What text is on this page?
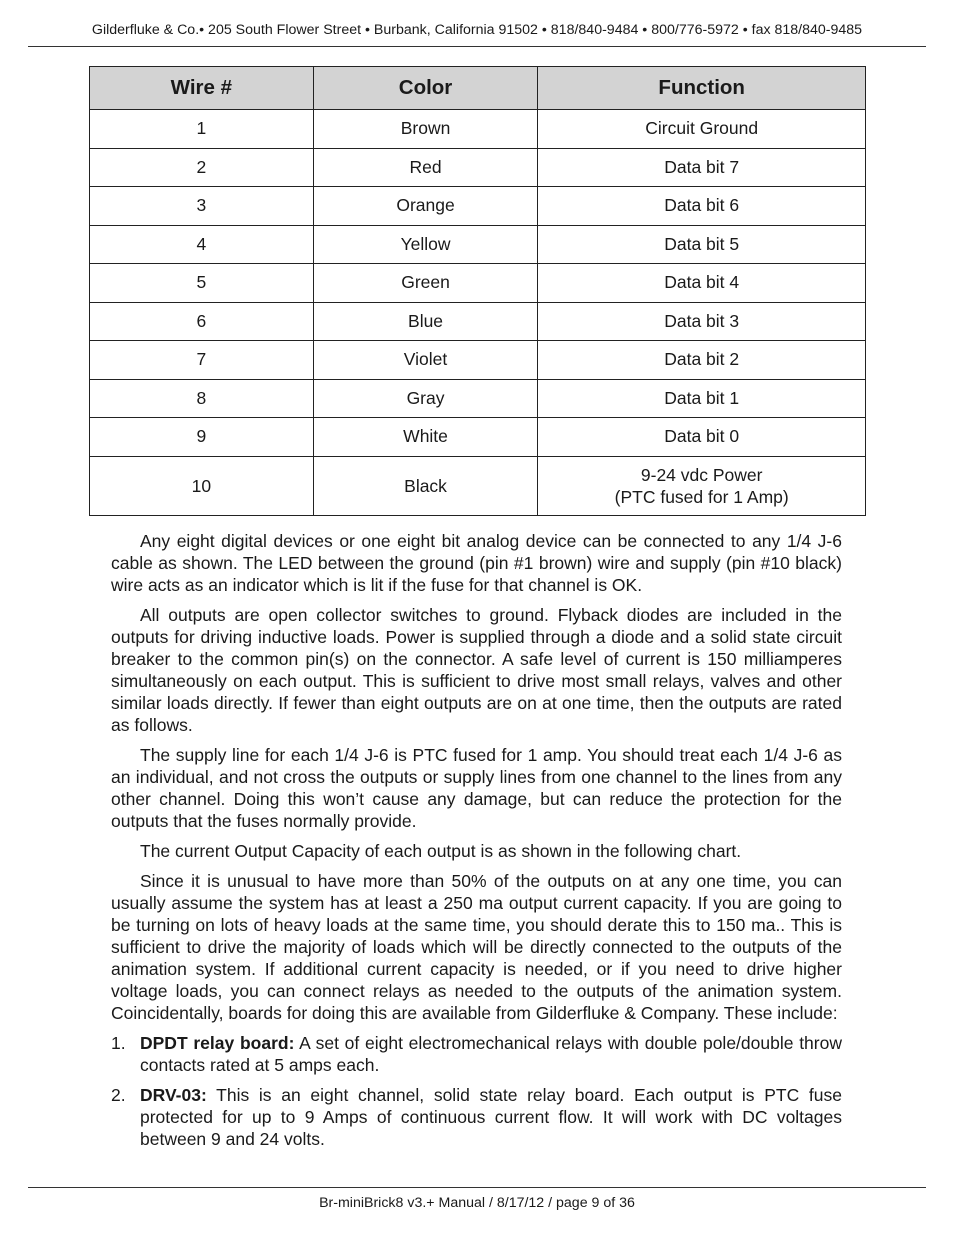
Gilderfluke & Co.• 205 South Flower Street • Burbank, California 91502 • 818/840-9484 • 800/776-5972 • fax 818/840-9485
Wire #	Color	Function
1	Brown	Circuit Ground
2	Red	Data bit 7
3	Orange	Data bit 6
4	Yellow	Data bit 5
5	Green	Data bit 4
6	Blue	Data bit 3
7	Violet	Data bit 2
8	Gray	Data bit 1
9	White	Data bit 0
10	Black	9-24 vdc Power
(PTC fused for 1 Amp)

Any eight digital devices or one eight bit analog device can be connected to any 1/4 J-6 cable as shown. The LED between the ground (pin #1 brown) wire and supply (pin #10 black) wire acts as an indicator which is lit if the fuse for that channel is OK.

All outputs are open collector switches to ground. Flyback diodes are included in the outputs for driving inductive loads. Power is supplied through a diode and a solid state circuit breaker to the common pin(s) on the connector. A safe level of current is 150 milliamperes simultaneously on each output. This is sufficient to drive most small relays, valves and other similar loads directly. If fewer than eight outputs are on at one time, then the outputs are rated as follows.

The supply line for each 1/4 J-6 is PTC fused for 1 amp. You should treat each 1/4 J-6 as an individual, and not cross the outputs or supply lines from one channel to the lines from any other channel. Doing this won’t cause any damage, but can reduce the protection for the outputs that the fuses normally provide.

The current Output Capacity of each output is as shown in the following chart.

Since it is unusual to have more than 50% of the outputs on at any one time, you can usually assume the system has at least a 250 ma output current capacity. If you are going to be turning on lots of heavy loads at the same time, you should derate this to 150 ma.. This is sufficient to drive the majority of loads which will be directly connected to the outputs of the animation system. If additional current capacity is needed, or if you need to drive higher voltage loads, you can connect relays as needed to the outputs of the animation system. Coincidentally, boards for doing this are available from Gilderfluke & Company. These include:

1. DPDT relay board: A set of eight electromechanical relays with double pole/double throw contacts rated at 5 amps each.
2. DRV-03: This is an eight channel, solid state relay board. Each output is PTC fuse protected for up to 9 Amps of continuous current flow. It will work with DC voltages between 9 and 24 volts.
Br-miniBrick8 v3.+ Manual / 8/17/12 / page 9 of 36
